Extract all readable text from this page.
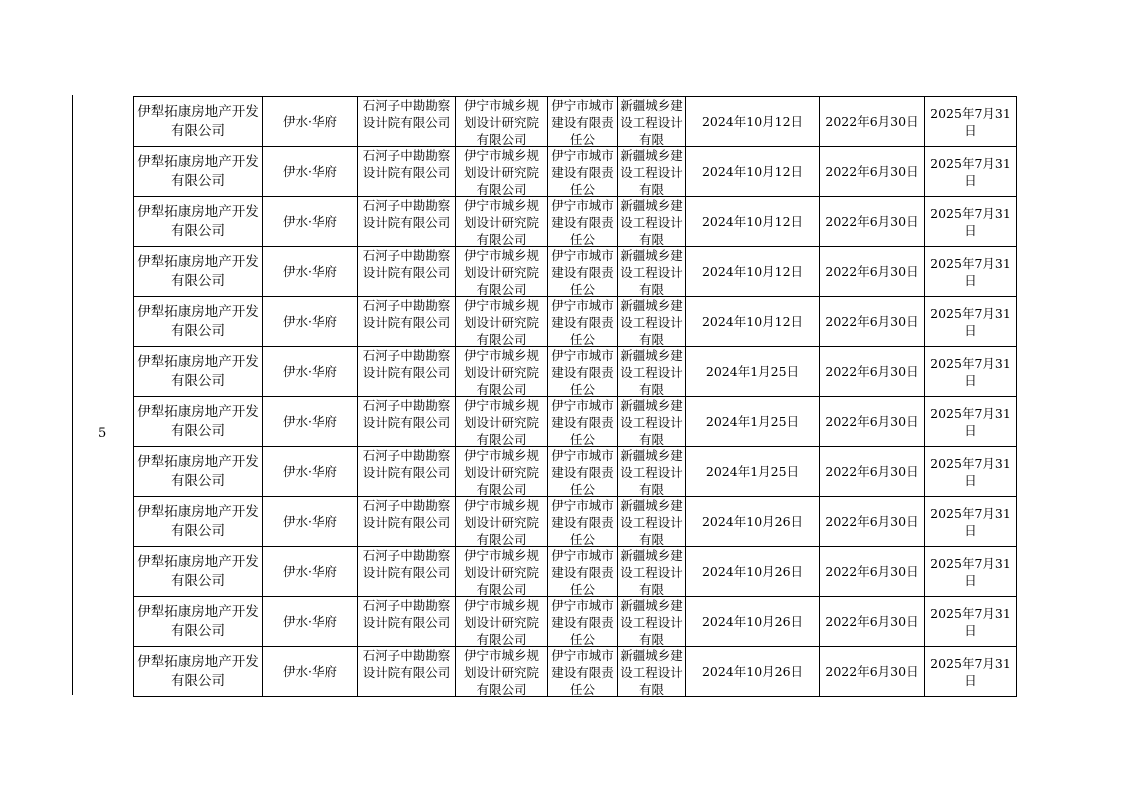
5
伊犁拓康房地产开发有限公司	伊水·华府	石河子中勘勘察设计院有限公司	伊宁市城乡规划设计研究院有限公司	伊宁市城市建设有限责任公	新疆城乡建设工程设计有限	2024年10月12日	2022年6月30日	2025年7月31日

伊犁拓康房地产开发有限公司	伊水·华府	石河子中勘勘察设计院有限公司	伊宁市城乡规划设计研究院有限公司	伊宁市城市建设有限责任公	新疆城乡建设工程设计有限	2024年10月12日	2022年6月30日	2025年7月31日

伊犁拓康房地产开发有限公司	伊水·华府	石河子中勘勘察设计院有限公司	伊宁市城乡规划设计研究院有限公司	伊宁市城市建设有限责任公	新疆城乡建设工程设计有限	2024年10月12日	2022年6月30日	2025年7月31日

伊犁拓康房地产开发有限公司	伊水·华府	石河子中勘勘察设计院有限公司	伊宁市城乡规划设计研究院有限公司	伊宁市城市建设有限责任公	新疆城乡建设工程设计有限	2024年10月12日	2022年6月30日	2025年7月31日

伊犁拓康房地产开发有限公司	伊水·华府	石河子中勘勘察设计院有限公司	伊宁市城乡规划设计研究院有限公司	伊宁市城市建设有限责任公	新疆城乡建设工程设计有限	2024年10月12日	2022年6月30日	2025年7月31日

伊犁拓康房地产开发有限公司	伊水·华府	石河子中勘勘察设计院有限公司	伊宁市城乡规划设计研究院有限公司	伊宁市城市建设有限责任公	新疆城乡建设工程设计有限	2024年1月25日	2022年6月30日	2025年7月31日

伊犁拓康房地产开发有限公司	伊水·华府	石河子中勘勘察设计院有限公司	伊宁市城乡规划设计研究院有限公司	伊宁市城市建设有限责任公	新疆城乡建设工程设计有限	2024年1月25日	2022年6月30日	2025年7月31日

伊犁拓康房地产开发有限公司	伊水·华府	石河子中勘勘察设计院有限公司	伊宁市城乡规划设计研究院有限公司	伊宁市城市建设有限责任公	新疆城乡建设工程设计有限	2024年1月25日	2022年6月30日	2025年7月31日

伊犁拓康房地产开发有限公司	伊水·华府	石河子中勘勘察设计院有限公司	伊宁市城乡规划设计研究院有限公司	伊宁市城市建设有限责任公	新疆城乡建设工程设计有限	2024年10月26日	2022年6月30日	2025年7月31日

伊犁拓康房地产开发有限公司	伊水·华府	石河子中勘勘察设计院有限公司	伊宁市城乡规划设计研究院有限公司	伊宁市城市建设有限责任公	新疆城乡建设工程设计有限	2024年10月26日	2022年6月30日	2025年7月31日

伊犁拓康房地产开发有限公司	伊水·华府	石河子中勘勘察设计院有限公司	伊宁市城乡规划设计研究院有限公司	伊宁市城市建设有限责任公	新疆城乡建设工程设计有限	2024年10月26日	2022年6月30日	2025年7月31日

伊犁拓康房地产开发有限公司	伊水·华府	石河子中勘勘察设计院有限公司	伊宁市城乡规划设计研究院有限公司	伊宁市城市建设有限责任公	新疆城乡建设工程设计有限	2024年10月26日	2022年6月30日	2025年7月31日
